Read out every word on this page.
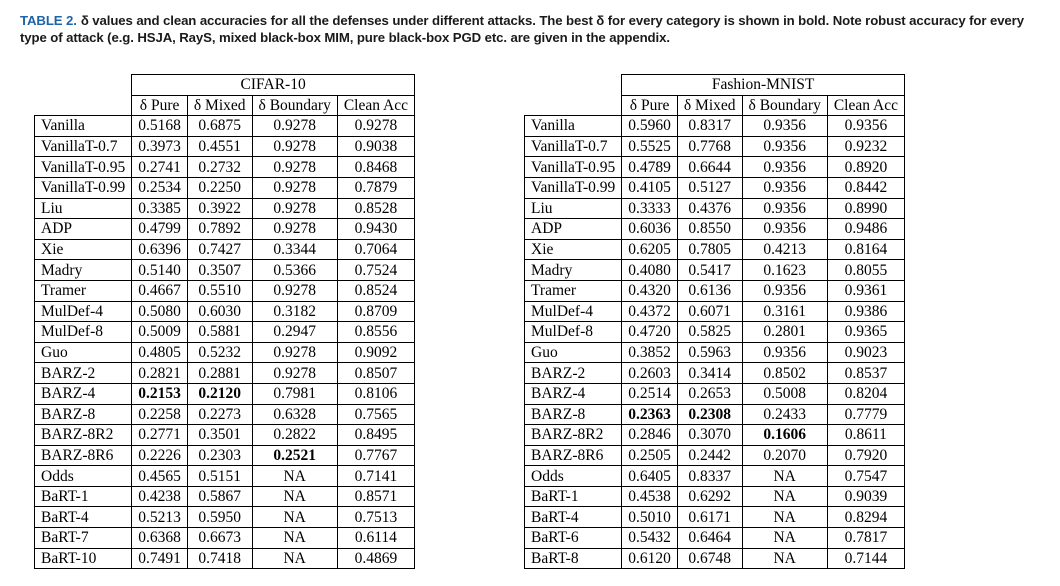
TABLE 2. δ values and clean accuracies for all the defenses under different attacks. The best δ for every category is shown in bold. Note robust accuracy for every type of attack (e.g. HSJA, RayS, mixed black-box MIM, pure black-box PGD etc. are given in the appendix.
	CIFAR-10			
	δ Pure	δ Mixed	δ Boundary	Clean Acc
Vanilla	0.5168	0.6875	0.9278	0.9278
VanillaT-0.7	0.3973	0.4551	0.9278	0.9038
VanillaT-0.95	0.2741	0.2732	0.9278	0.8468
VanillaT-0.99	0.2534	0.2250	0.9278	0.7879
Liu	0.3385	0.3922	0.9278	0.8528
ADP	0.4799	0.7892	0.9278	0.9430
Xie	0.6396	0.7427	0.3344	0.7064
Madry	0.5140	0.3507	0.5366	0.7524
Tramer	0.4667	0.5510	0.9278	0.8524
MulDef-4	0.5080	0.6030	0.3182	0.8709
MulDef-8	0.5009	0.5881	0.2947	0.8556
Guo	0.4805	0.5232	0.9278	0.9092
BARZ-2	0.2821	0.2881	0.9278	0.8507
BARZ-4	0.2153	0.2120	0.7981	0.8106
BARZ-8	0.2258	0.2273	0.6328	0.7565
BARZ-8R2	0.2771	0.3501	0.2822	0.8495
BARZ-8R6	0.2226	0.2303	0.2521	0.7767
Odds	0.4565	0.5151	NA	0.7141
BaRT-1	0.4238	0.5867	NA	0.8571
BaRT-4	0.5213	0.5950	NA	0.7513
BaRT-7	0.6368	0.6673	NA	0.6114
BaRT-10	0.7491	0.7418	NA	0.4869
	Fashion-MNIST			
	δ Pure	δ Mixed	δ Boundary	Clean Acc
Vanilla	0.5960	0.8317	0.9356	0.9356
VanillaT-0.7	0.5525	0.7768	0.9356	0.9232
VanillaT-0.95	0.4789	0.6644	0.9356	0.8920
VanillaT-0.99	0.4105	0.5127	0.9356	0.8442
Liu	0.3333	0.4376	0.9356	0.8990
ADP	0.6036	0.8550	0.9356	0.9486
Xie	0.6205	0.7805	0.4213	0.8164
Madry	0.4080	0.5417	0.1623	0.8055
Tramer	0.4320	0.6136	0.9356	0.9361
MulDef-4	0.4372	0.6071	0.3161	0.9386
MulDef-8	0.4720	0.5825	0.2801	0.9365
Guo	0.3852	0.5963	0.9356	0.9023
BARZ-2	0.2603	0.3414	0.8502	0.8537
BARZ-4	0.2514	0.2653	0.5008	0.8204
BARZ-8	0.2363	0.2308	0.2433	0.7779
BARZ-8R2	0.2846	0.3070	0.1606	0.8611
BARZ-8R6	0.2505	0.2442	0.2070	0.7920
Odds	0.6405	0.8337	NA	0.7547
BaRT-1	0.4538	0.6292	NA	0.9039
BaRT-4	0.5010	0.6171	NA	0.8294
BaRT-6	0.5432	0.6464	NA	0.7817
BaRT-8	0.6120	0.6748	NA	0.7144
